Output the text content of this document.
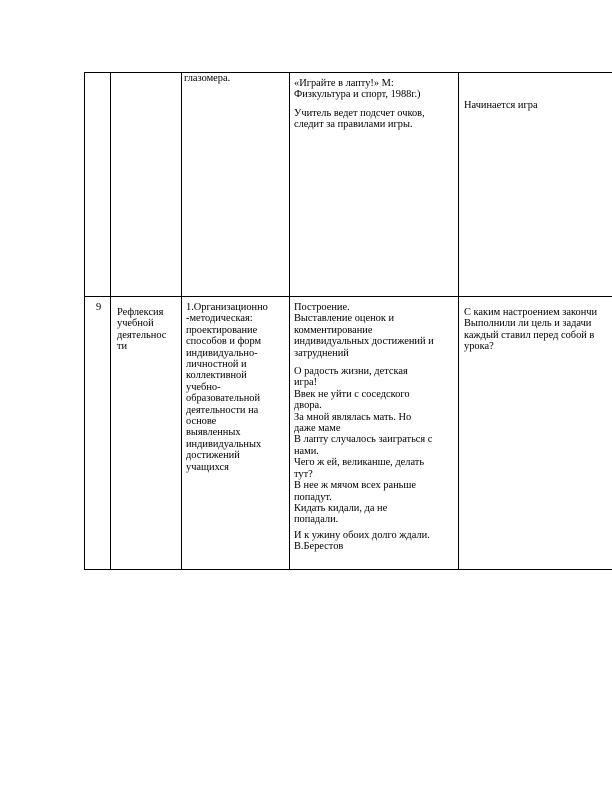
глазомера.	«Играйте в лапту!» М:
Физкультура и спорт, 1988г.)
Учитель ведет подсчет очков,
следит за правилами игры.
Начинается игра
9 Рефлексия
учебной
деятельнос
ти
1.Организационно
-методическая:
проектирование
способов и форм
индивидуально-
личностной и
коллективной
учебно-
образовательной
деятельности на
основе
выявленных
индивидуальных
достижений
учащихся
Построение.
Выставление оценок и
комментирование
индивидуальных достижений и
затруднений
О радость жизни, детская
игра!
Ввек не уйти с соседского
двора.
За мной являлась мать. Но
даже маме
В лапту случалось заиграться с
нами.
Чего ж ей, великанше, делать
тут?
В нее ж мячом всех раньше
попадут.
Кидать кидали, да не
попадали.
И к ужину обоих долго ждали.
В.Берестов
С каким настроением закончи
Выполнили ли цель и задачи
каждый ставил перед собой в
урока?
